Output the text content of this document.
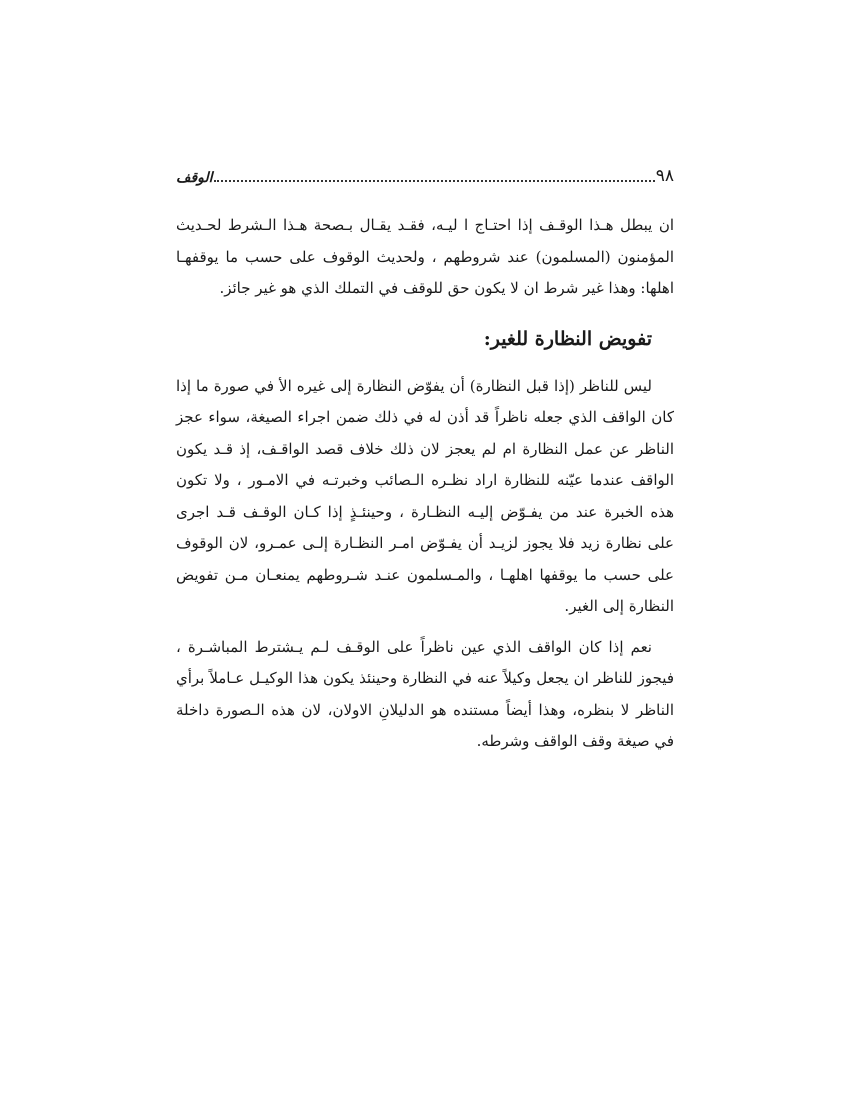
٩٨
الوقف

ان يبطل هـذا الوقـف إذا احتـاج ا ليـه، فقـد يقـال بـصحة هـذا الـشرط لحـديث المؤمنون (المسلمون) عند شروطهم ، ولحديث الوقوف على حسب ما يوقفهـا اهلها: وهذا غير شرط ان لا يكون حق للوقف في التملك الذي هو غير جائز.

تفويض النظارة للغير:

ليس للناظر (إذا قبل النظارة) أن يفوّض النظارة إلى غيره الأ في صورة ما إذا كان الواقف الذي جعله ناظراً قد أذن له في ذلك ضمن اجراء الصيغة، سواء عجز الناظر عن عمل النظارة ام لم يعجز لان ذلك خلاف قصد الواقـف، إذ قـد يكون الواقف عندما عيّنه للنظارة اراد نظـره الـصائب وخبرتـه في الامـور ، ولا تكون هذه الخبرة عند من يفـوّض إليـه النظـارة ، وحينئـذٍ إذا كـان الوقـف قـد اجرى على نظارة زيد فلا يجوز لزيـد أن يفـوّض امـر النظـارة إلـى عمـرو، لان الوقوف على حسب ما يوقفها اهلهـا ، والمـسلمون عنـد شـروطهم يمنعـان مـن تفويض النظارة إلى الغير.

نعم إذا كان الواقف الذي عين ناظراً على الوقـف لـم يـشترط المباشـرة ، فيجوز للناظر ان يجعل وكيلاً عنه في النظارة وحينئذ يكون هذا الوكيـل عـاملاً برأي الناظر لا بنظره، وهذا أيضاً مستنده هو الدليلانِ الاولان، لان هذه الـصورة داخلة في صيغة وقف الواقف وشرطه.
